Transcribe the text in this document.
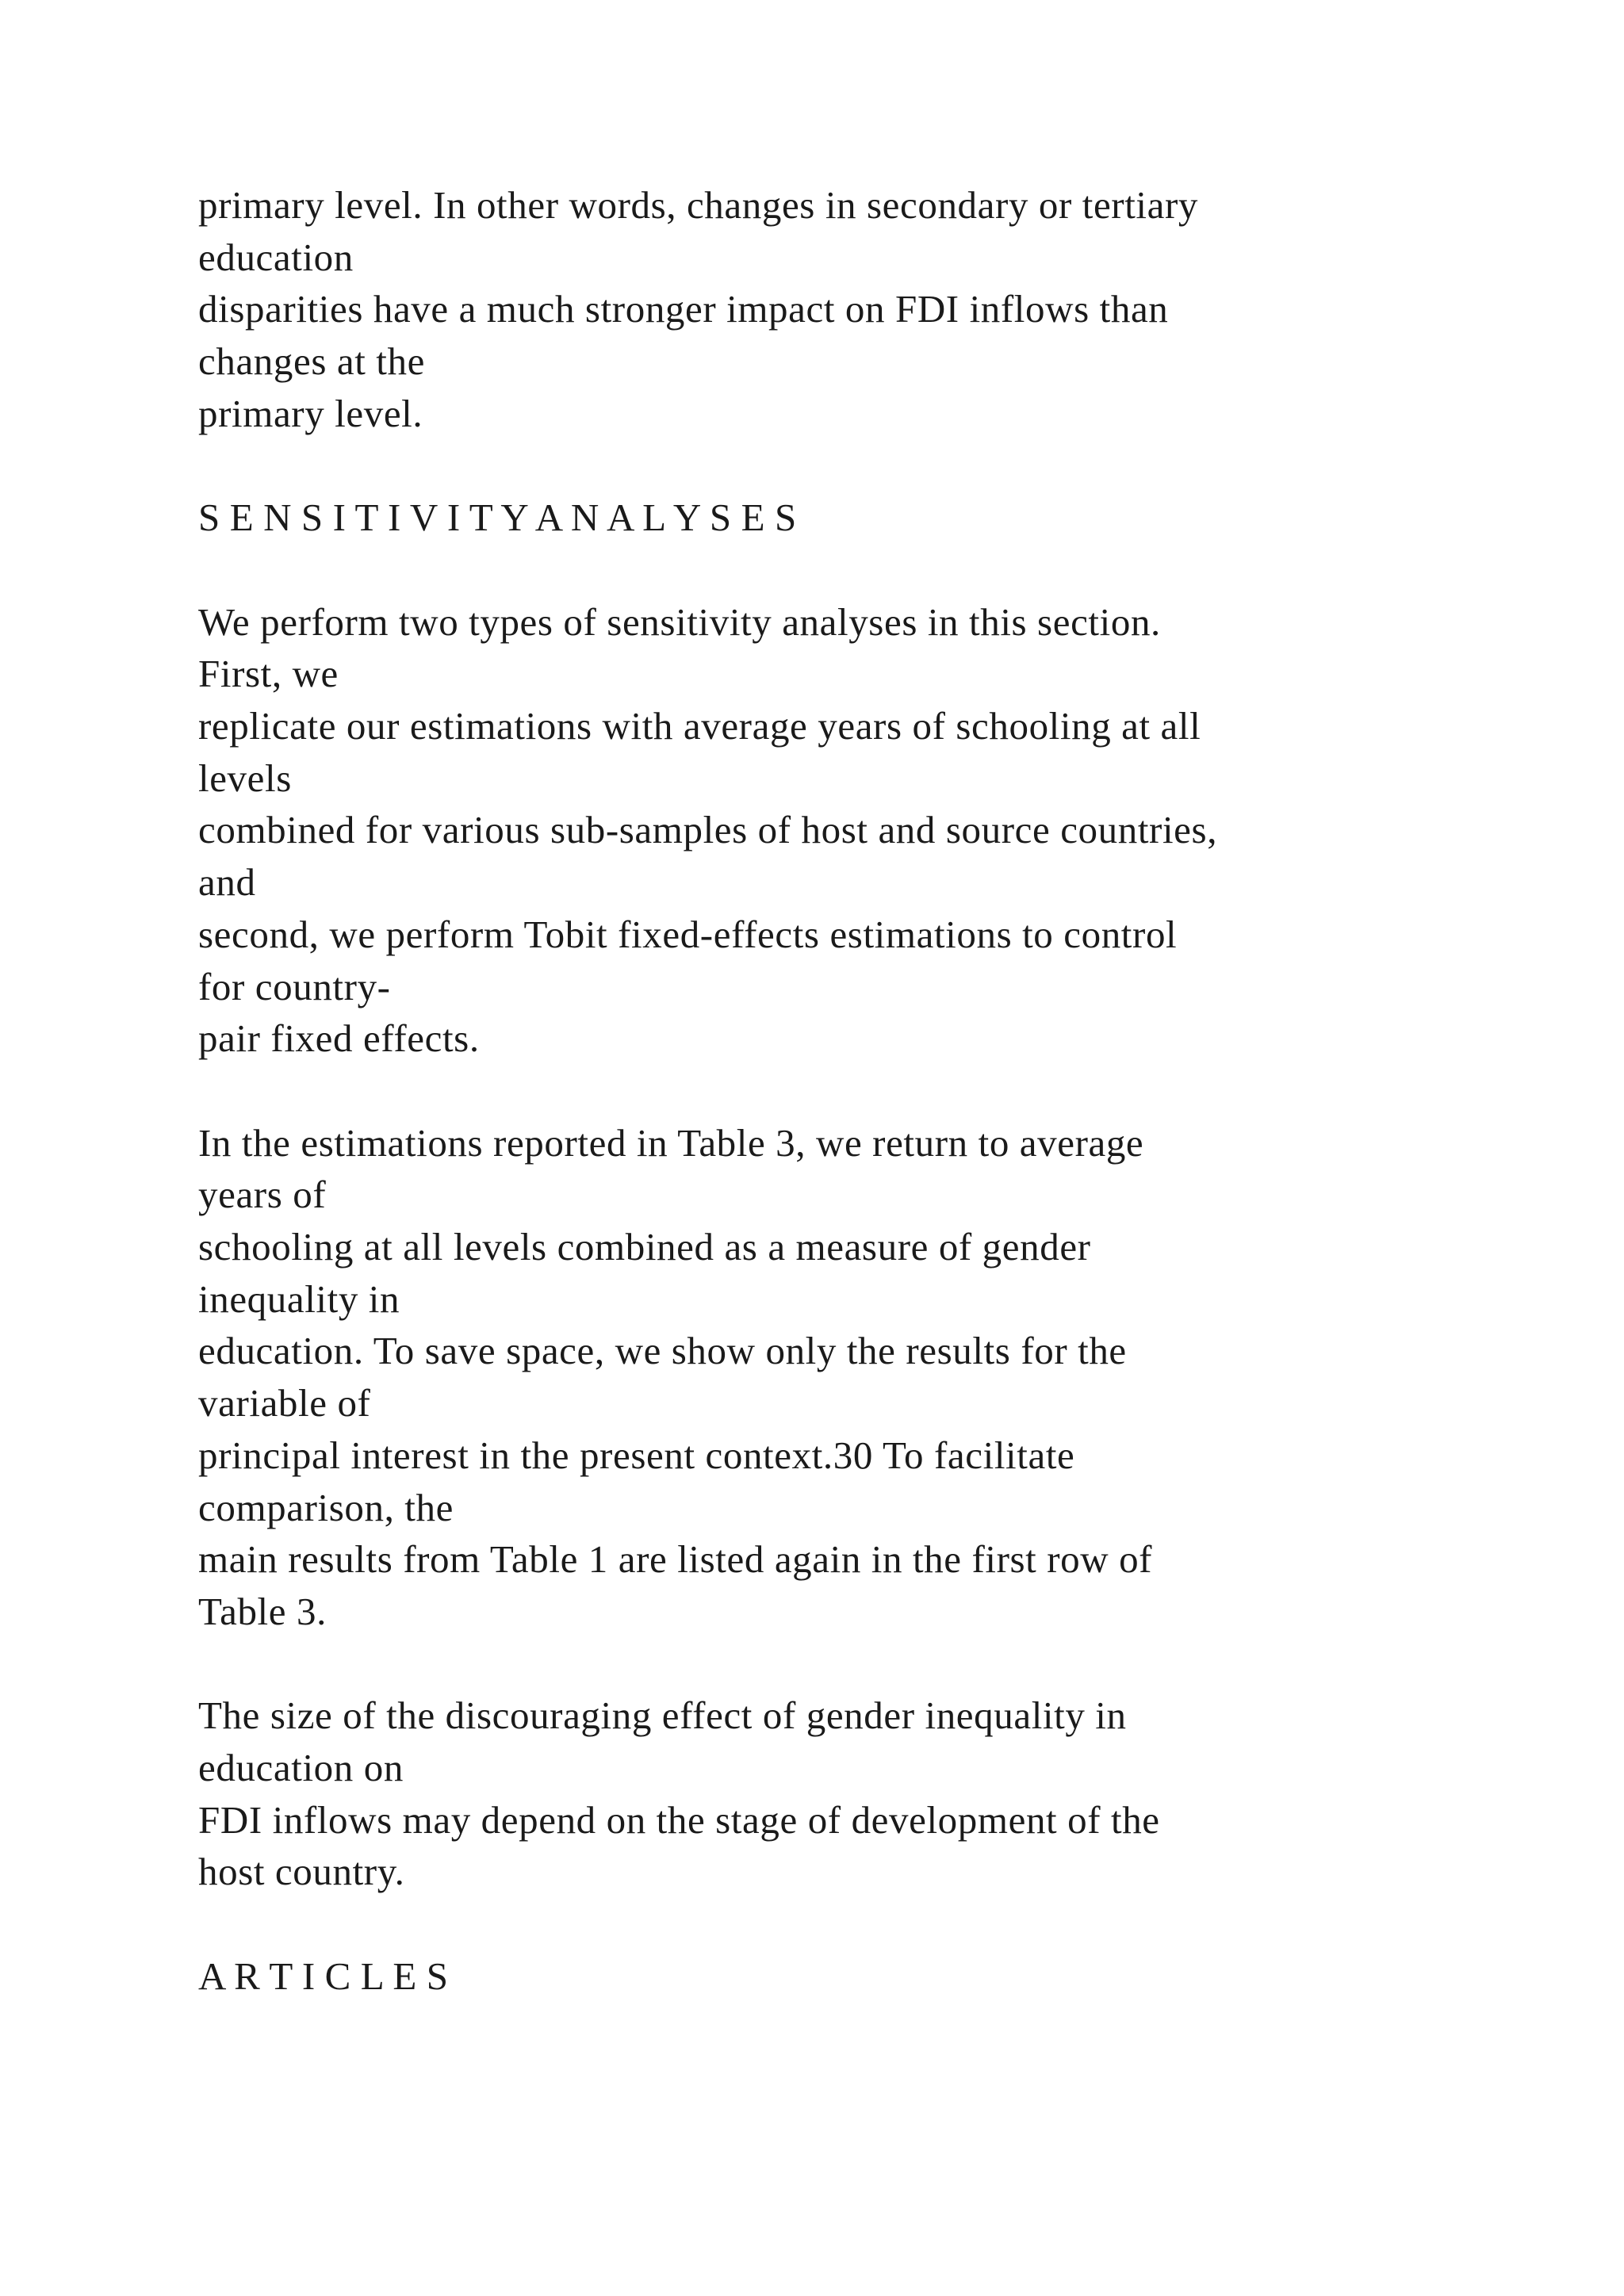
primary level. In other words, changes in secondary or tertiary
education
disparities have a much stronger impact on FDI inflows than
changes at the
primary level.
S E N S I T I V I T Y A N A L Y S E S
We perform two types of sensitivity analyses in this section.
First, we
replicate our estimations with average years of schooling at all
levels
combined for various sub-samples of host and source countries,
and
second, we perform Tobit fixed-effects estimations to control
for country-
pair fixed effects.
In the estimations reported in Table 3, we return to average
years of
schooling at all levels combined as a measure of gender
inequality in
education. To save space, we show only the results for the
variable of
principal interest in the present context.30 To facilitate
comparison, the
main results from Table 1 are listed again in the first row of
Table 3.
The size of the discouraging effect of gender inequality in
education on
FDI inflows may depend on the stage of development of the
host country.
A R T I C L E S
